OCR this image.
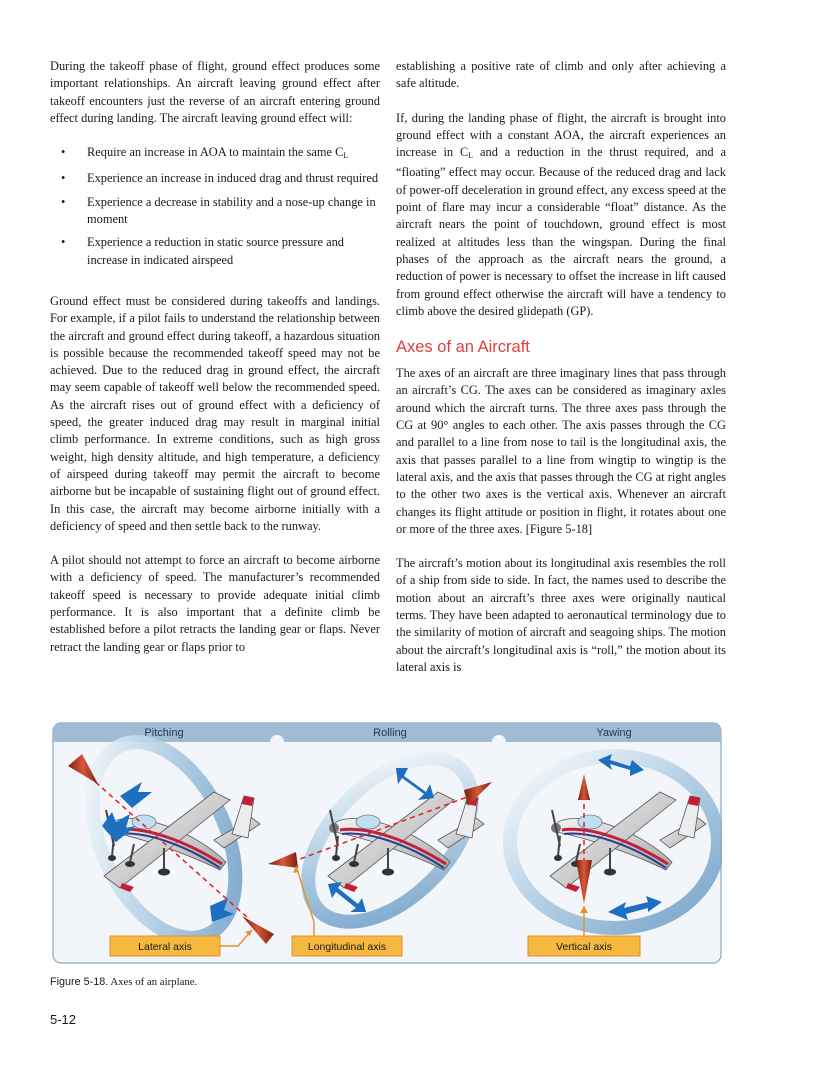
During the takeoff phase of flight, ground effect produces some important relationships. An aircraft leaving ground effect after takeoff encounters just the reverse of an aircraft entering ground effect during landing. The aircraft leaving ground effect will:

• Require an increase in AOA to maintain the same $C_L$
• Experience an increase in induced drag and thrust required
• Experience a decrease in stability and a nose-up change in moment
• Experience a reduction in static source pressure and increase in indicated airspeed

Ground effect must be considered during takeoffs and landings. For example, if a pilot fails to understand the relationship between the aircraft and ground effect during takeoff, a hazardous situation is possible because the recommended takeoff speed may not be achieved. Due to the reduced drag in ground effect, the aircraft may seem capable of takeoff well below the recommended speed. As the aircraft rises out of ground effect with a deficiency of speed, the greater induced drag may result in marginal initial climb performance. In extreme conditions, such as high gross weight, high density altitude, and high temperature, a deficiency of airspeed during takeoff may permit the aircraft to become airborne but be incapable of sustaining flight out of ground effect. In this case, the aircraft may become airborne initially with a deficiency of speed and then settle back to the runway.

A pilot should not attempt to force an aircraft to become airborne with a deficiency of speed. The manufacturer’s recommended takeoff speed is necessary to provide adequate initial climb performance. It is also important that a definite climb be established before a pilot retracts the landing gear or flaps. Never retract the landing gear or flaps prior to

establishing a positive rate of climb and only after achieving a safe altitude.

If, during the landing phase of flight, the aircraft is brought into ground effect with a constant AOA, the aircraft experiences an increase in $C_L$ and a reduction in the thrust required, and a “floating” effect may occur. Because of the reduced drag and lack of power-off deceleration in ground effect, any excess speed at the point of flare may incur a considerable “float” distance. As the aircraft nears the point of touchdown, ground effect is most realized at altitudes less than the wingspan. During the final phases of the approach as the aircraft nears the ground, a reduction of power is necessary to offset the increase in lift caused from ground effect otherwise the aircraft will have a tendency to climb above the desired glidepath (GP).

Axes of an Aircraft

The axes of an aircraft are three imaginary lines that pass through an aircraft’s CG. The axes can be considered as imaginary axles around which the aircraft turns. The three axes pass through the CG at 90° angles to each other. The axis passes through the CG and parallel to a line from nose to tail is the longitudinal axis, the axis that passes parallel to a line from wingtip to wingtip is the lateral axis, and the axis that passes through the CG at right angles to the other two axes is the vertical axis. Whenever an aircraft changes its flight attitude or position in flight, it rotates about one or more of the three axes. [Figure 5-18]

The aircraft’s motion about its longitudinal axis resembles the roll of a ship from side to side. In fact, the names used to describe the motion about an aircraft’s three axes were originally nautical terms. They have been adapted to aeronautical terminology due to the similarity of motion of aircraft and seagoing ships. The motion about the aircraft’s longitudinal axis is “roll,” the motion about its lateral axis is

Pitching	Rolling	Yawing
Lateral axis	Longitudinal axis	Vertical axis
Figure 5-18. Axes of an airplane.
5-12
